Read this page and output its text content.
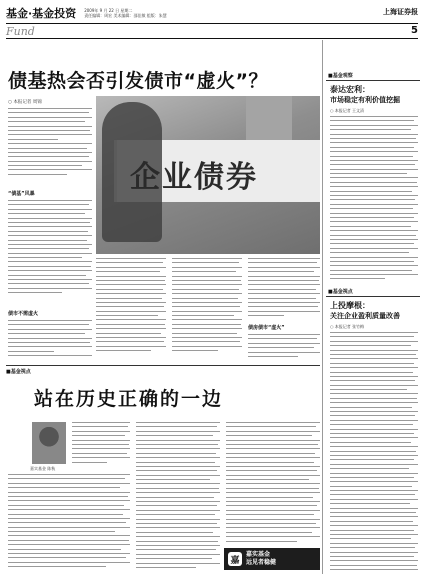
基金·基金投资 2009年 9 月 22 日 星期二
责任编辑：周宏 美术编辑：邵佳敏 组版：朱慧	上海证券报
Fund	5
债基热会否引发债市“虚火”？
○ 本报记者 周锦
“债基”风暴
债市不需虚火
企业债券
债房债市“虚火”
■基金视点
站在历史正确的一边
嘉实基金 陈秋
嘉
嘉实基金
远见者稳健
■基金观察
泰达宏利：
市场稳定有利价值挖掘
○ 本报记者 王文清
■基金视点
上投摩根：
关注企业盈利质量改善
○ 本报记者 张竹梅
